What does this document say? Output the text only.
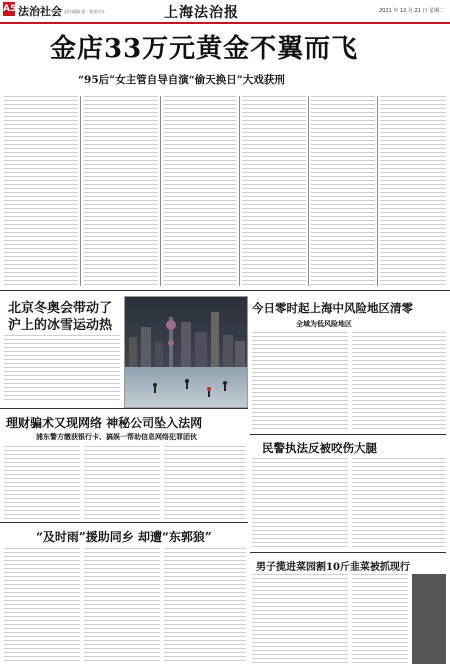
A5 法治社会 责任编辑 邵 · 视觉设计 ·	上海法治报	2021 年 12 月 21 日 星期二
金店33万元黄金不翼而飞
“95后”女主管自导自演“偷天换日”大戏获刑
北京冬奥会带动了
沪上的冰雪运动热
今日零时起上海中风险地区清零
全域为低风险地区
理财骗术又现网络 神秘公司坠入法网
浦东警方缴获银行卡、搞娱一帮助信息网络犯罪团伙
民警执法反被咬伤大腿
“及时雨”援助同乡 却遭“东郭狼”
男子揽进菜园割10斤韭菜被抓现行
